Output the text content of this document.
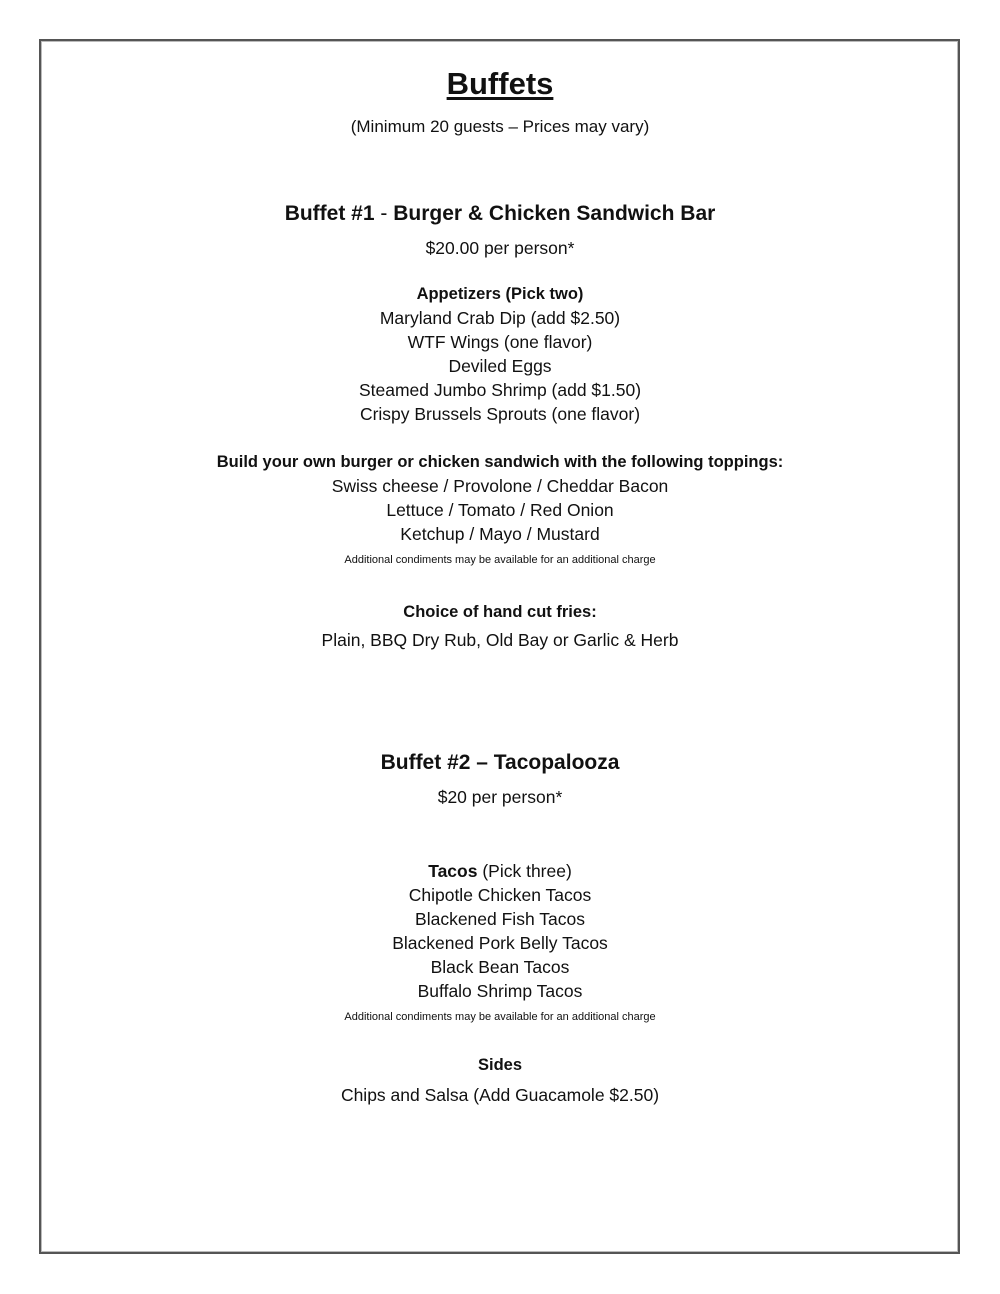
Buffets
(Minimum 20 guests – Prices may vary)
Buffet #1 - Burger & Chicken Sandwich Bar
$20.00 per person*
Appetizers (Pick two)
Maryland Crab Dip (add $2.50)
WTF Wings (one flavor)
Deviled Eggs
Steamed Jumbo Shrimp (add $1.50)
Crispy Brussels Sprouts (one flavor)
Build your own burger or chicken sandwich with the following toppings:
Swiss cheese / Provolone / Cheddar Bacon
Lettuce / Tomato / Red Onion
Ketchup / Mayo / Mustard
Additional condiments may be available for an additional charge
Choice of hand cut fries:
Plain, BBQ Dry Rub, Old Bay or Garlic & Herb
Buffet #2 – Tacopalooza
$20 per person*
Tacos (Pick three)
Chipotle Chicken Tacos
Blackened Fish Tacos
Blackened Pork Belly Tacos
Black Bean Tacos
Buffalo Shrimp Tacos
Additional condiments may be available for an additional charge
Sides
Chips and Salsa (Add Guacamole $2.50)
